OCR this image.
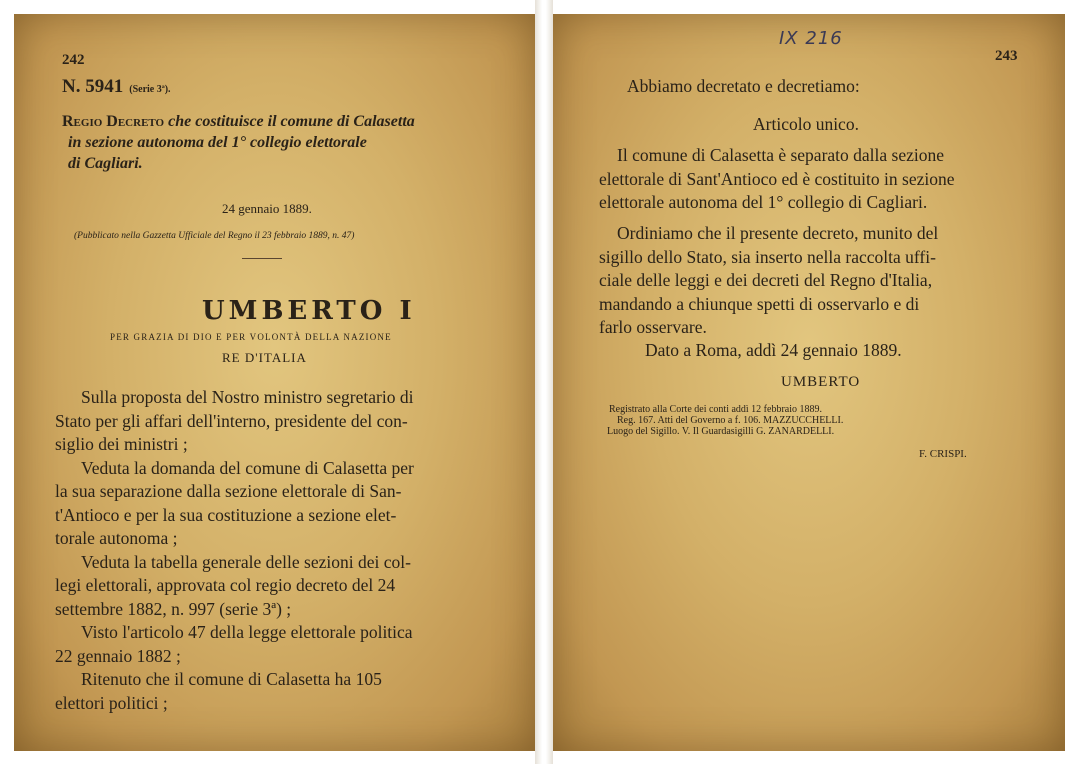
242
N. 5941 (Serie 3ª).
Regio Decreto che costituisce il comune di Calasetta
in sezione autonoma del 1° collegio elettorale
di Cagliari.
24 gennaio 1889.
(Pubblicato nella Gazzetta Ufficiale del Regno il 23 febbraio 1889, n. 47)
UMBERTO I
PER GRAZIA DI DIO E PER VOLONTÀ DELLA NAZIONE
RE D'ITALIA
Sulla proposta del Nostro ministro segretario di
Stato per gli affari dell'interno, presidente del con-
siglio dei ministri ;
Veduta la domanda del comune di Calasetta per
la sua separazione dalla sezione elettorale di San-
t'Antioco e per la sua costituzione a sezione elet-
torale autonoma ;
Veduta la tabella generale delle sezioni dei col-
legi elettorali, approvata col regio decreto del 24
settembre 1882, n. 997 (serie 3ª) ;
Visto l'articolo 47 della legge elettorale politica
22 gennaio 1882 ;
Ritenuto che il comune di Calasetta ha 105
elettori politici ;
IX 216
243
Abbiamo decretato e decretiamo:
Articolo unico.
Il comune di Calasetta è separato dalla sezione
elettorale di Sant'Antioco ed è costituito in sezione
elettorale autonoma del 1° collegio di Cagliari.
Ordiniamo che il presente decreto, munito del
sigillo dello Stato, sia inserto nella raccolta uffi-
ciale delle leggi e dei decreti del Regno d'Italia,
mandando a chiunque spetti di osservarlo e di
farlo osservare.
Dato a Roma, addì 24 gennaio 1889.
UMBERTO
Registrato alla Corte dei conti addì 12 febbraio 1889.
Reg. 167. Atti del Governo a f. 106. MAZZUCCHELLI.
Luogo del Sigillo. V. Il Guardasigilli G. ZANARDELLI.
F. CRISPI.
